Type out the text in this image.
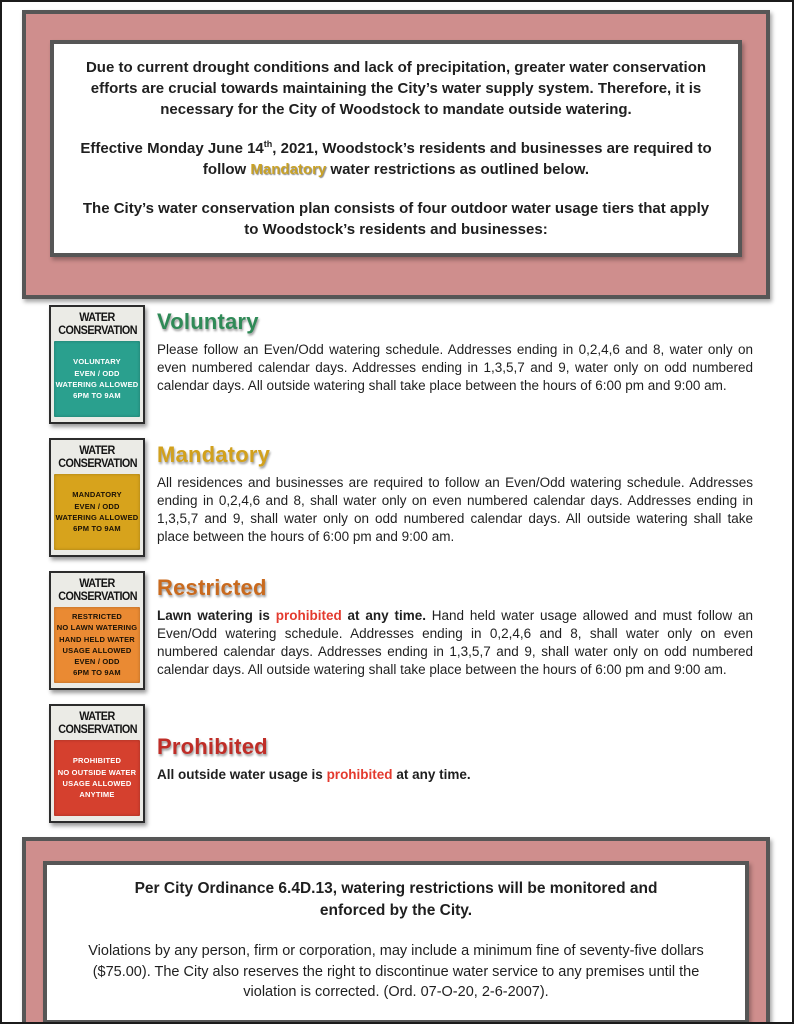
Due to current drought conditions and lack of precipitation, greater water conservation efforts are crucial towards maintaining the City’s water supply system. Therefore, it is necessary for the City of Woodstock to mandate outside watering.

Effective Monday June 14th, 2021, Woodstock’s residents and businesses are required to follow Mandatory water restrictions as outlined below.

The City’s water conservation plan consists of four outdoor water usage tiers that apply to Woodstock’s residents and businesses:

WATER
CONSERVATION
VOLUNTARY
EVEN / ODD
WATERING ALLOWED
6PM TO 9AM
Voluntary

Please follow an Even/Odd watering schedule. Addresses ending in 0,2,4,6 and 8, water only on even numbered calendar days. Addresses ending in 1,3,5,7 and 9, water only on odd numbered calendar days. All outside watering shall take place between the hours of 6:00 pm and 9:00 am.

WATER
CONSERVATION
MANDATORY
EVEN / ODD
WATERING ALLOWED
6PM TO 9AM
Mandatory

All residences and businesses are required to follow an Even/Odd watering schedule. Addresses ending in 0,2,4,6 and 8, shall water only on even numbered calendar days. Addresses ending in 1,3,5,7 and 9, shall water only on odd numbered calendar days. All outside watering shall take place between the hours of 6:00 pm and 9:00 am.

WATER
CONSERVATION
RESTRICTED
NO LAWN WATERING
HAND HELD WATER
USAGE ALLOWED
EVEN / ODD
6PM TO 9AM
Restricted

Lawn watering is prohibited at any time. Hand held water usage allowed and must follow an Even/Odd watering schedule. Addresses ending in 0,2,4,6 and 8, shall water only on even numbered calendar days. Addresses ending in 1,3,5,7 and 9, shall water only on odd numbered calendar days. All outside watering shall take place between the hours of 6:00 pm and 9:00 am.

WATER
CONSERVATION
PROHIBITED
NO OUTSIDE WATER
USAGE ALLOWED
ANYTIME
Prohibited

All outside water usage is prohibited at any time.

Per City Ordinance 6.4D.13, watering restrictions will be monitored and enforced by the City.

Violations by any person, firm or corporation, may include a minimum fine of seventy-five dollars ($75.00). The City also reserves the right to discontinue water service to any premises until the violation is corrected. (Ord. 07-O-20, 2-6-2007).
